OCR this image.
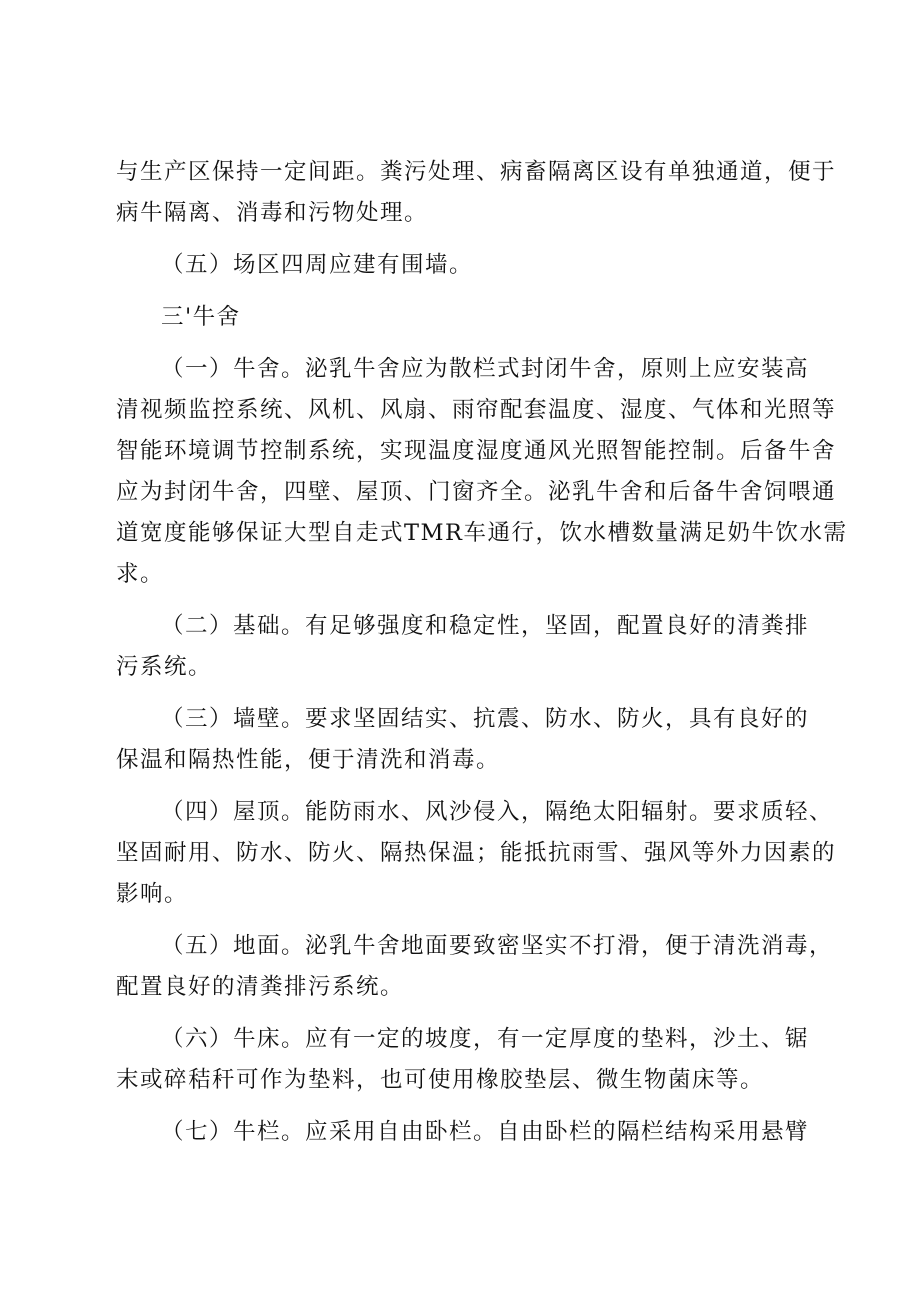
与生产区保持一定间距。粪污处理、病畜隔离区设有单独通道，便于
病牛隔离、消毒和污物处理。

（五）场区四周应建有围墙。

三'牛舍

（一）牛舍。泌乳牛舍应为散栏式封闭牛舍，原则上应安装高
清视频监控系统、风机、风扇、雨帘配套温度、湿度、气体和光照等
智能环境调节控制系统，实现温度湿度通风光照智能控制。后备牛舍
应为封闭牛舍，四壁、屋顶、门窗齐全。泌乳牛舍和后备牛舍饲喂通
道宽度能够保证大型自走式TMR车通行，饮水槽数量满足奶牛饮水需
求。

（二）基础。有足够强度和稳定性，坚固，配置良好的清粪排
污系统。

（三）墙壁。要求坚固结实、抗震、防水、防火，具有良好的
保温和隔热性能，便于清洗和消毒。

（四）屋顶。能防雨水、风沙侵入，隔绝太阳辐射。要求质轻、
坚固耐用、防水、防火、隔热保温；能抵抗雨雪、强风等外力因素的
影响。

（五）地面。泌乳牛舍地面要致密坚实不打滑，便于清洗消毒，
配置良好的清粪排污系统。

（六）牛床。应有一定的坡度，有一定厚度的垫料，沙土、锯
末或碎秸秆可作为垫料，也可使用橡胶垫层、微生物菌床等。

（七）牛栏。应采用自由卧栏。自由卧栏的隔栏结构采用悬臂
